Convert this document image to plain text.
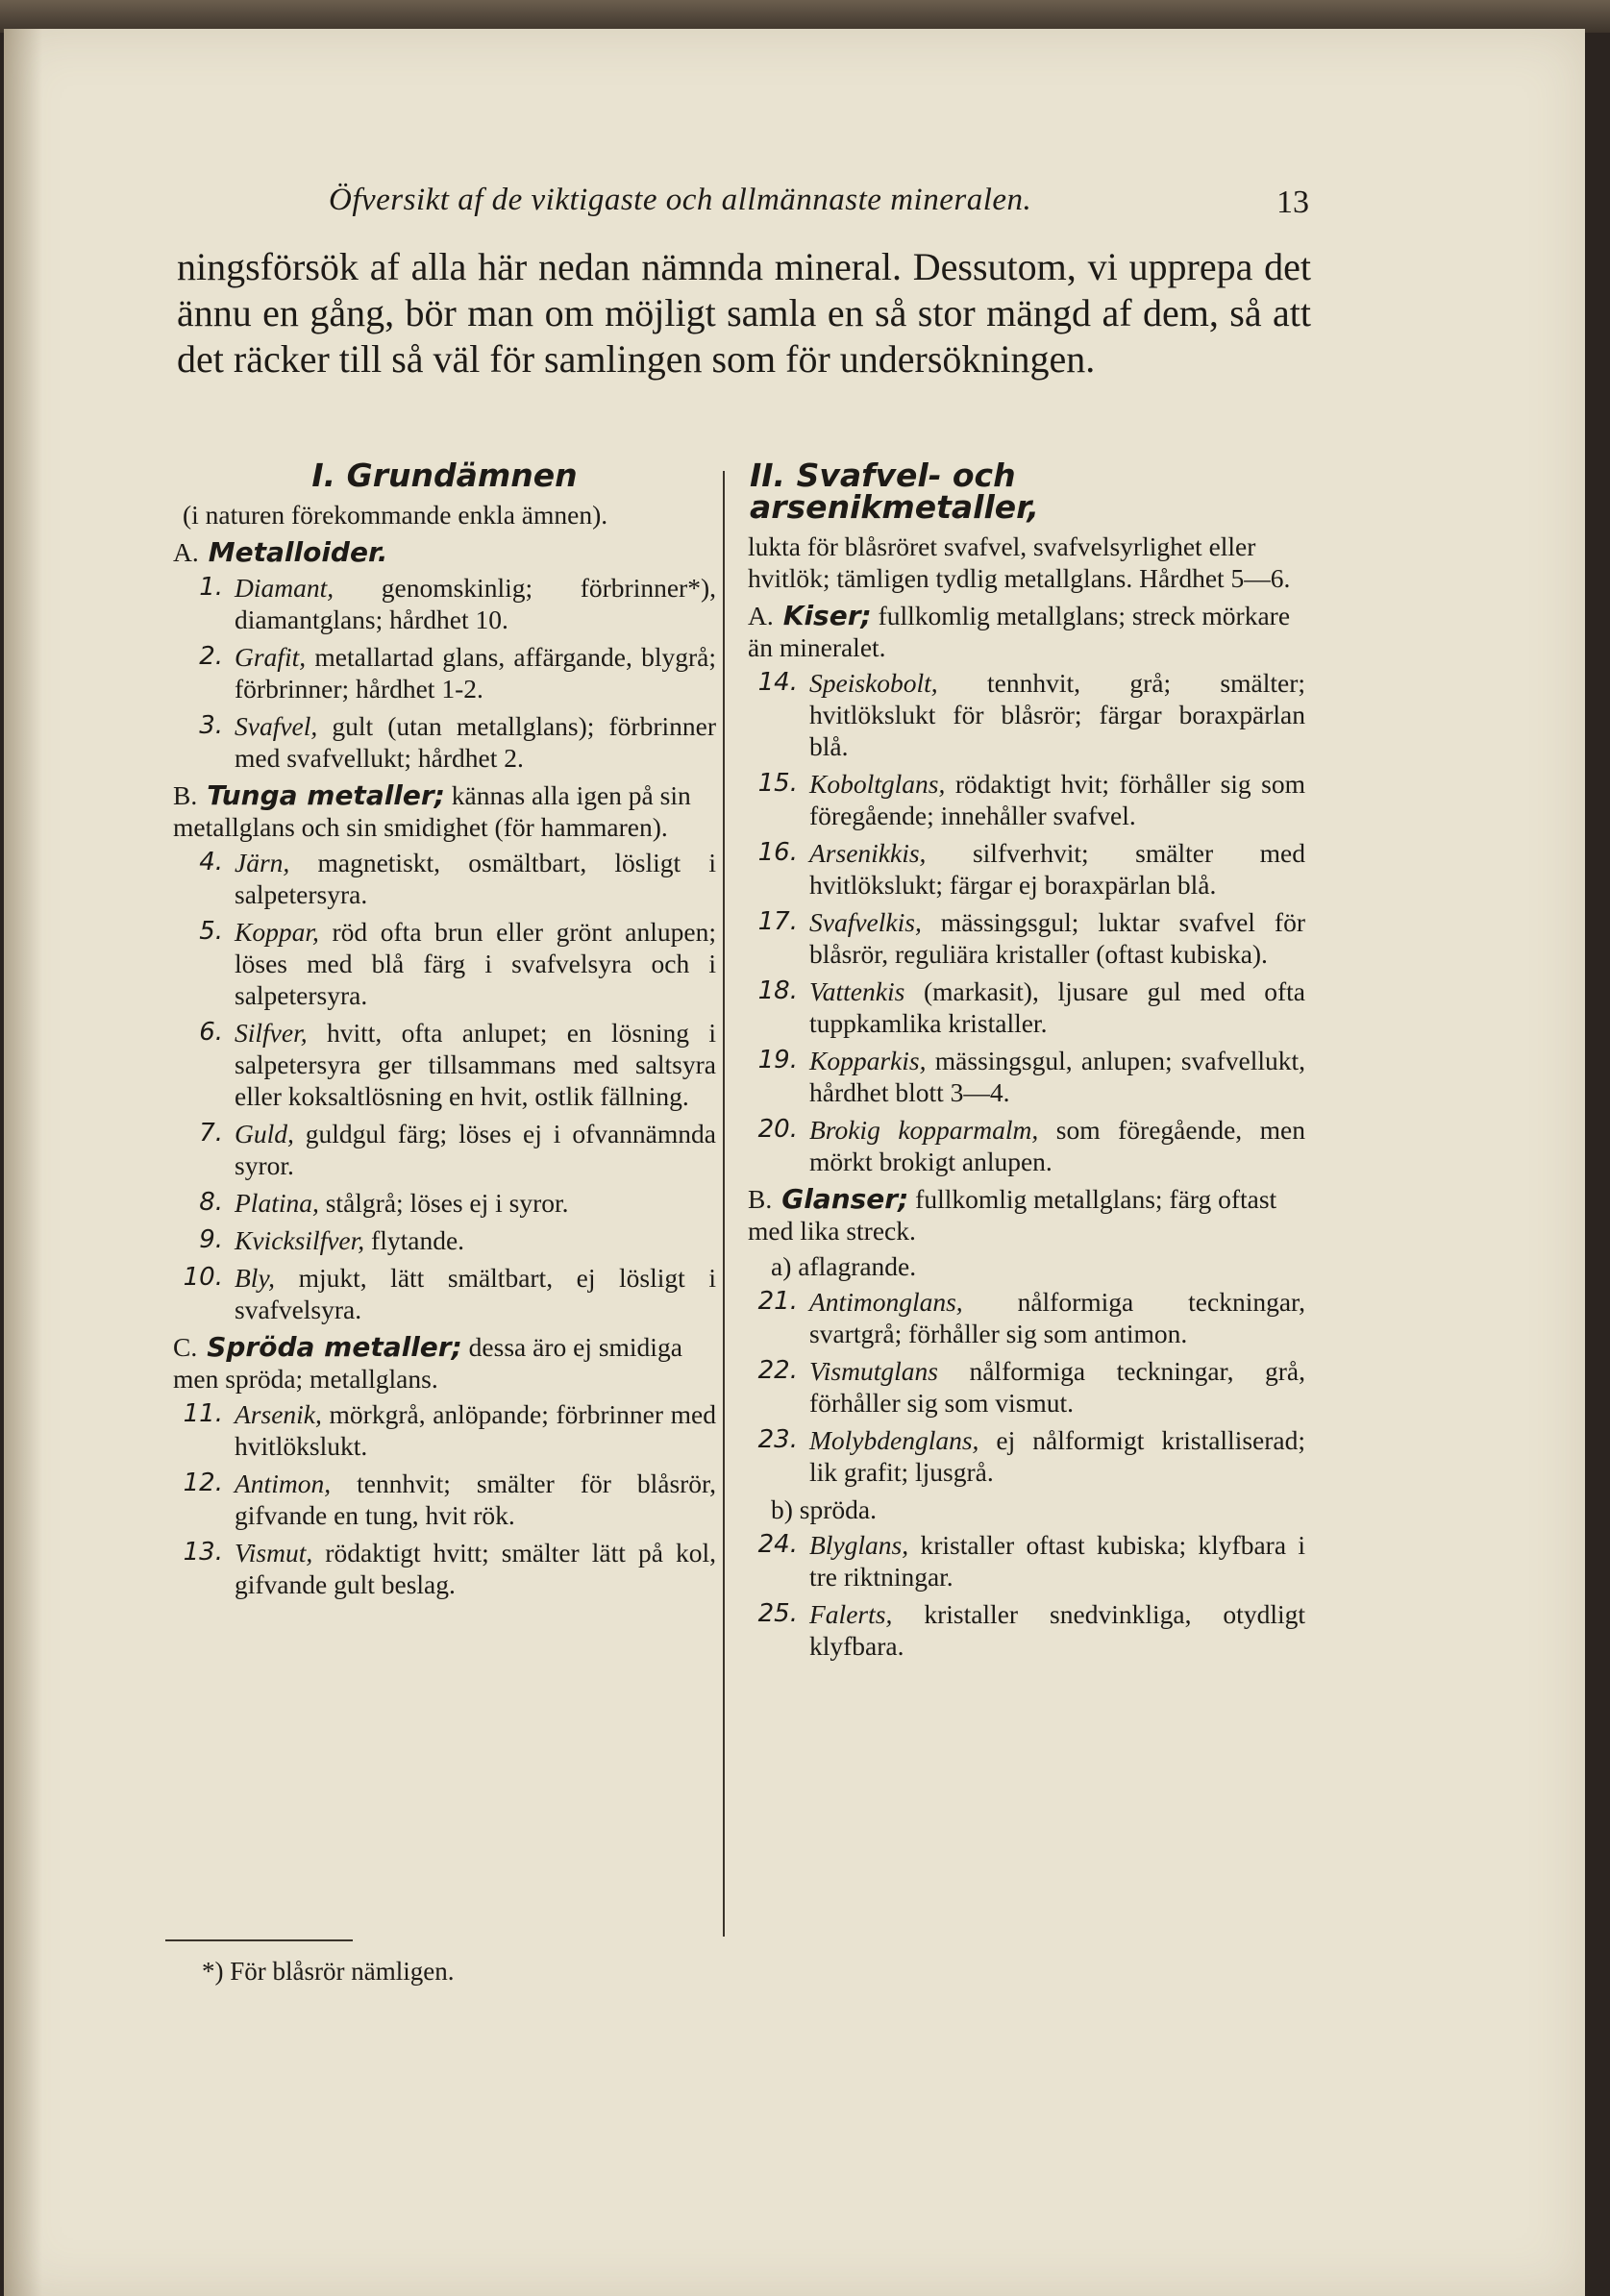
Öfversikt af de viktigaste och allmännaste mineralen.	13

ningsförsök af alla här nedan nämnda mineral. Dessutom, vi upprepa det ännu en gång, bör man om möjligt samla en så stor mängd af dem, så att det räcker till så väl för samlingen som för undersökningen.

I. Grundämnen
(i naturen förekommande enkla ämnen).
A. Metalloider.
1. Diamant, genomskinlig; förbrinner*), diamantglans; hårdhet 10.
2. Grafit, metallartad glans, affärgande, blygrå; förbrinner; hårdhet 1-2.
3. Svafvel, gult (utan metallglans); förbrinner med svafvellukt; hårdhet 2.
B. Tunga metaller; kännas alla igen på sin metallglans och sin smidighet (för hammaren).
4. Järn, magnetiskt, osmältbart, lösligt i salpetersyra.
5. Koppar, röd ofta brun eller grönt anlupen; löses med blå färg i svafvelsyra och i salpetersyra.
6. Silfver, hvitt, ofta anlupet; en lösning i salpetersyra ger tillsammans med saltsyra eller koksaltlösning en hvit, ostlik fällning.
7. Guld, guldgul färg; löses ej i ofvannämnda syror.
8. Platina, stålgrå; löses ej i syror.
9. Kvicksilfver, flytande.
10. Bly, mjukt, lätt smältbart, ej lösligt i svafvelsyra.
C. Spröda metaller; dessa äro ej smidiga men spröda; metallglans.
11. Arsenik, mörkgrå, anlöpande; förbrinner med hvitlökslukt.
12. Antimon, tennhvit; smälter för blåsrör, gifvande en tung, hvit rök.
13. Vismut, rödaktigt hvitt; smälter lätt på kol, gifvande gult beslag.
II. Svafvel- och arsenikmetaller,
lukta för blåsröret svafvel, svafvelsyrlighet eller hvitlök; tämligen tydlig metallglans. Hårdhet 5—6.
A. Kiser; fullkomlig metallglans; streck mörkare än mineralet.
14. Speiskobolt, tennhvit, grå; smälter; hvitlökslukt för blåsrör; färgar boraxpärlan blå.
15. Koboltglans, rödaktigt hvit; förhåller sig som föregående; innehåller svafvel.
16. Arsenikkis, silfverhvit; smälter med hvitlökslukt; färgar ej boraxpärlan blå.
17. Svafvelkis, mässingsgul; luktar svafvel för blåsrör, reguliära kristaller (oftast kubiska).
18. Vattenkis (markasit), ljusare gul med ofta tuppkamlika kristaller.
19. Kopparkis, mässingsgul, anlupen; svafvellukt, hårdhet blott 3—4.
20. Brokig kopparmalm, som föregående, men mörkt brokigt anlupen.
B. Glanser; fullkomlig metallglans; färg oftast med lika streck.
a) aflagrande.
21. Antimonglans, nålformiga teckningar, svartgrå; förhåller sig som antimon.
22. Vismutglans nålformiga teckningar, grå, förhåller sig som vismut.
23. Molybdenglans, ej nålformigt kristalliserad; lik grafit; ljusgrå.
b) spröda.
24. Blyglans, kristaller oftast kubiska; klyfbara i tre riktningar.
25. Falerts, kristaller snedvinkliga, otydligt klyfbara.
*) För blåsrör nämligen.
